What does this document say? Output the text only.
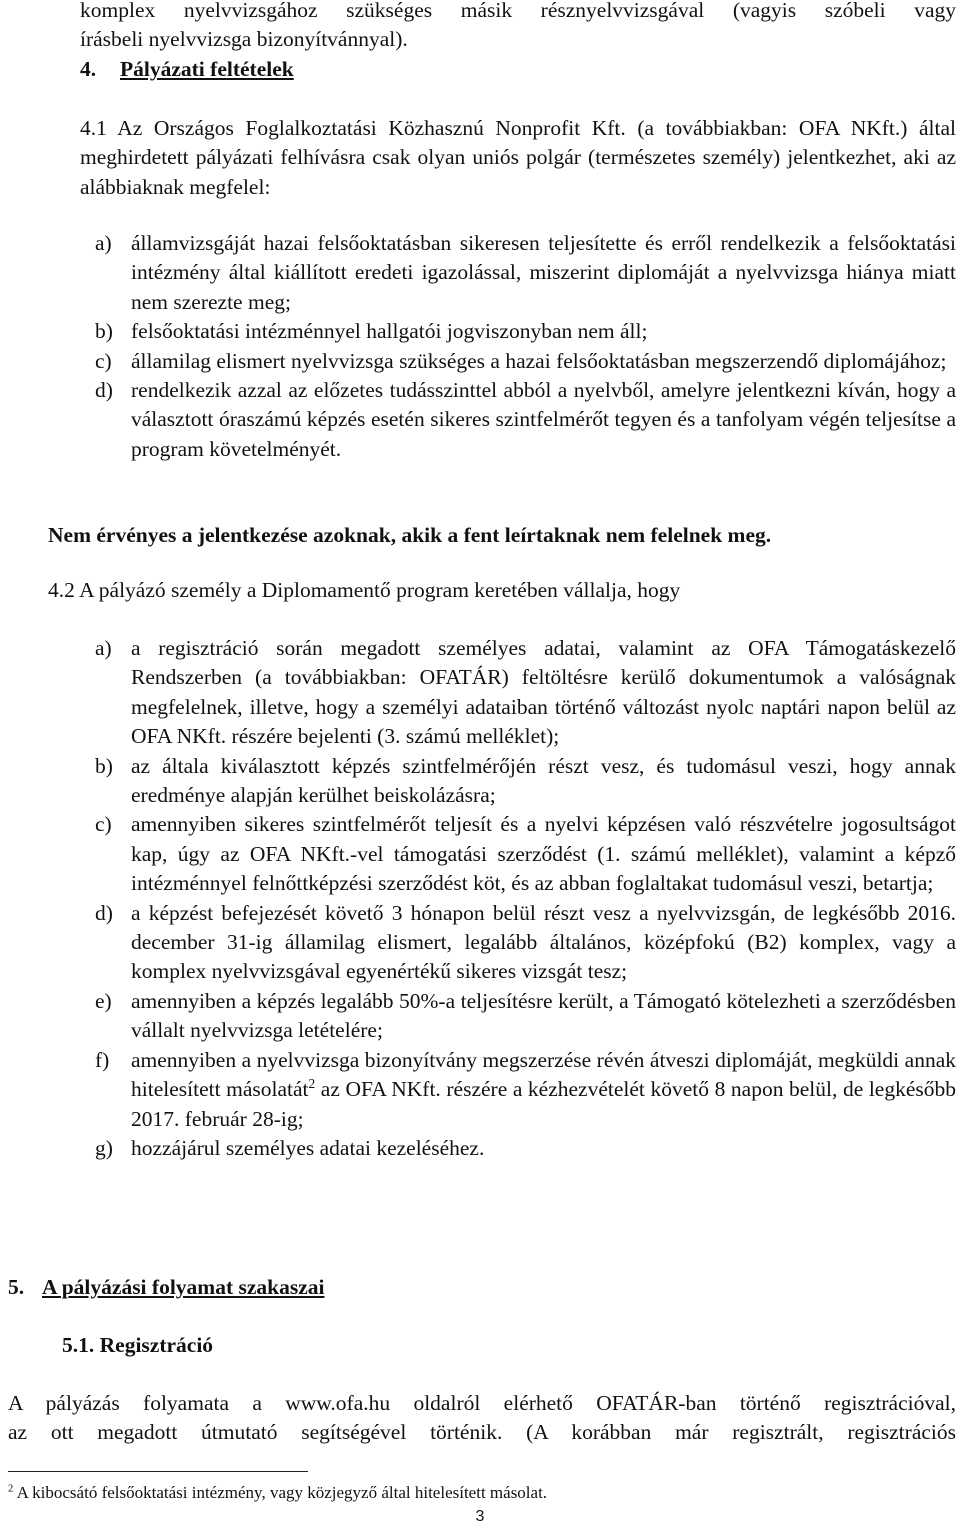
komplex nyelvvizsgához szükséges másik résznyelvvizsgával (vagyis szóbeli vagy

írásbeli nyelvvizsga bizonyítvánnyal).

4. Pályázati feltételek

4.1 Az Országos Foglalkoztatási Közhasznú Nonprofit Kft. (a továbbiakban: OFA NKft.) által meghirdetett pályázati felhívásra csak olyan uniós polgár (természetes személy) jelentkezhet, aki az alábbiaknak megfelel:

a) államvizsgáját hazai felsőoktatásban sikeresen teljesítette és erről rendelkezik a felsőoktatási intézmény által kiállított eredeti igazolással, miszerint diplomáját a nyelvvizsga hiánya miatt nem szerezte meg;
b) felsőoktatási intézménnyel hallgatói jogviszonyban nem áll;
c) államilag elismert nyelvvizsga szükséges a hazai felsőoktatásban megszerzendő diplomájához;
d) rendelkezik azzal az előzetes tudásszinttel abból a nyelvből, amelyre jelentkezni kíván, hogy a választott óraszámú képzés esetén sikeres szintfelmérőt tegyen és a tanfolyam végén teljesítse a program követelményét.

Nem érvényes a jelentkezése azoknak, akik a fent leírtaknak nem felelnek meg.

4.2 A pályázó személy a Diplomamentő program keretében vállalja, hogy

a) a regisztráció során megadott személyes adatai, valamint az OFA Támogatáskezelő Rendszerben (a továbbiakban: OFATÁR) feltöltésre kerülő dokumentumok a valóságnak megfelelnek, illetve, hogy a személyi adataiban történő változást nyolc naptári napon belül az OFA NKft. részére bejelenti (3. számú melléklet);
b) az általa kiválasztott képzés szintfelmérőjén részt vesz, és tudomásul veszi, hogy annak eredménye alapján kerülhet beiskolázásra;
c) amennyiben sikeres szintfelmérőt teljesít és a nyelvi képzésen való részvételre jogosultságot kap, úgy az OFA NKft.-vel támogatási szerződést (1. számú melléklet), valamint a képző intézménnyel felnőttképzési szerződést köt, és az abban foglaltakat tudomásul veszi, betartja;
d) a képzést befejezését követő 3 hónapon belül részt vesz a nyelvvizsgán, de legkésőbb 2016. december 31-ig államilag elismert, legalább általános, középfokú (B2) komplex, vagy a komplex nyelvvizsgával egyenértékű sikeres vizsgát tesz;
e) amennyiben a képzés legalább 50%-a teljesítésre került, a Támogató kötelezheti a szerződésben vállalt nyelvvizsga letételére;
f) amennyiben a nyelvvizsga bizonyítvány megszerzése révén átveszi diplomáját, megküldi annak hitelesített másolatát$^2$ az OFA NKft. részére a kézhezvételét követő 8 napon belül, de legkésőbb 2017. február 28-ig;
g) hozzájárul személyes adatai kezeléséhez.
5. A pályázási folyamat szakaszai
5.1. Regisztráció
A pályázás folyamata a www.ofa.hu oldalról elérhető OFATÁR-ban történő regisztrációval,
az ott megadott útmutató segítségével történik. (A korábban már regisztrált, regisztrációs
$^2$ A kibocsátó felsőoktatási intézmény, vagy közjegyző által hitelesített másolat.
3
